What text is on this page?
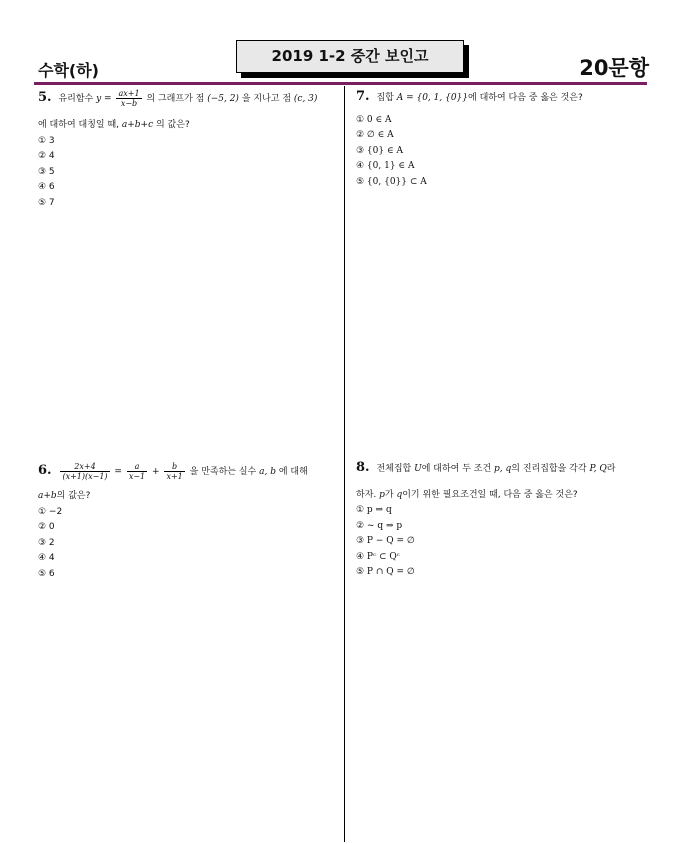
수학(하)
2019 1-2 중간 보인고	20문항

5. 유리함수 $y = \frac{ax+1}{x-b}$ 의 그래프가 점 (−5, 2) 을 지나고 점 (c, 3)

에 대하여 대칭일 때, a+b+c 의 값은?

① 3
② 4
③ 5
④ 6
⑤ 7

6. $\frac{2x+4}{(x+1)(x-1)} = \frac{a}{x-1} + \frac{b}{x+1}$ 을 만족하는 실수 a, b 에 대해

a+b의 값은?

① −2
② 0
③ 2
④ 4
⑤ 6

7. 집합 A = {0, 1, {0}}에 대하여 다음 중 옳은 것은?

① 0 ∈ A
② ∅ ∈ A
③ {0} ∈ A
④ {0, 1} ∈ A
⑤ {0, {0}} ⊂ A

8. 전체집합 U에 대하여 두 조건 p, q의 진리집합을 각각 P, Q라

하자. p가 q이기 위한 필요조건일 때, 다음 중 옳은 것은?

① p ⇒ q
② ~ q ⇒ p
③ P − Q = ∅
④ Pᶜ ⊂ Qᶜ
⑤ P ∩ Q = ∅
